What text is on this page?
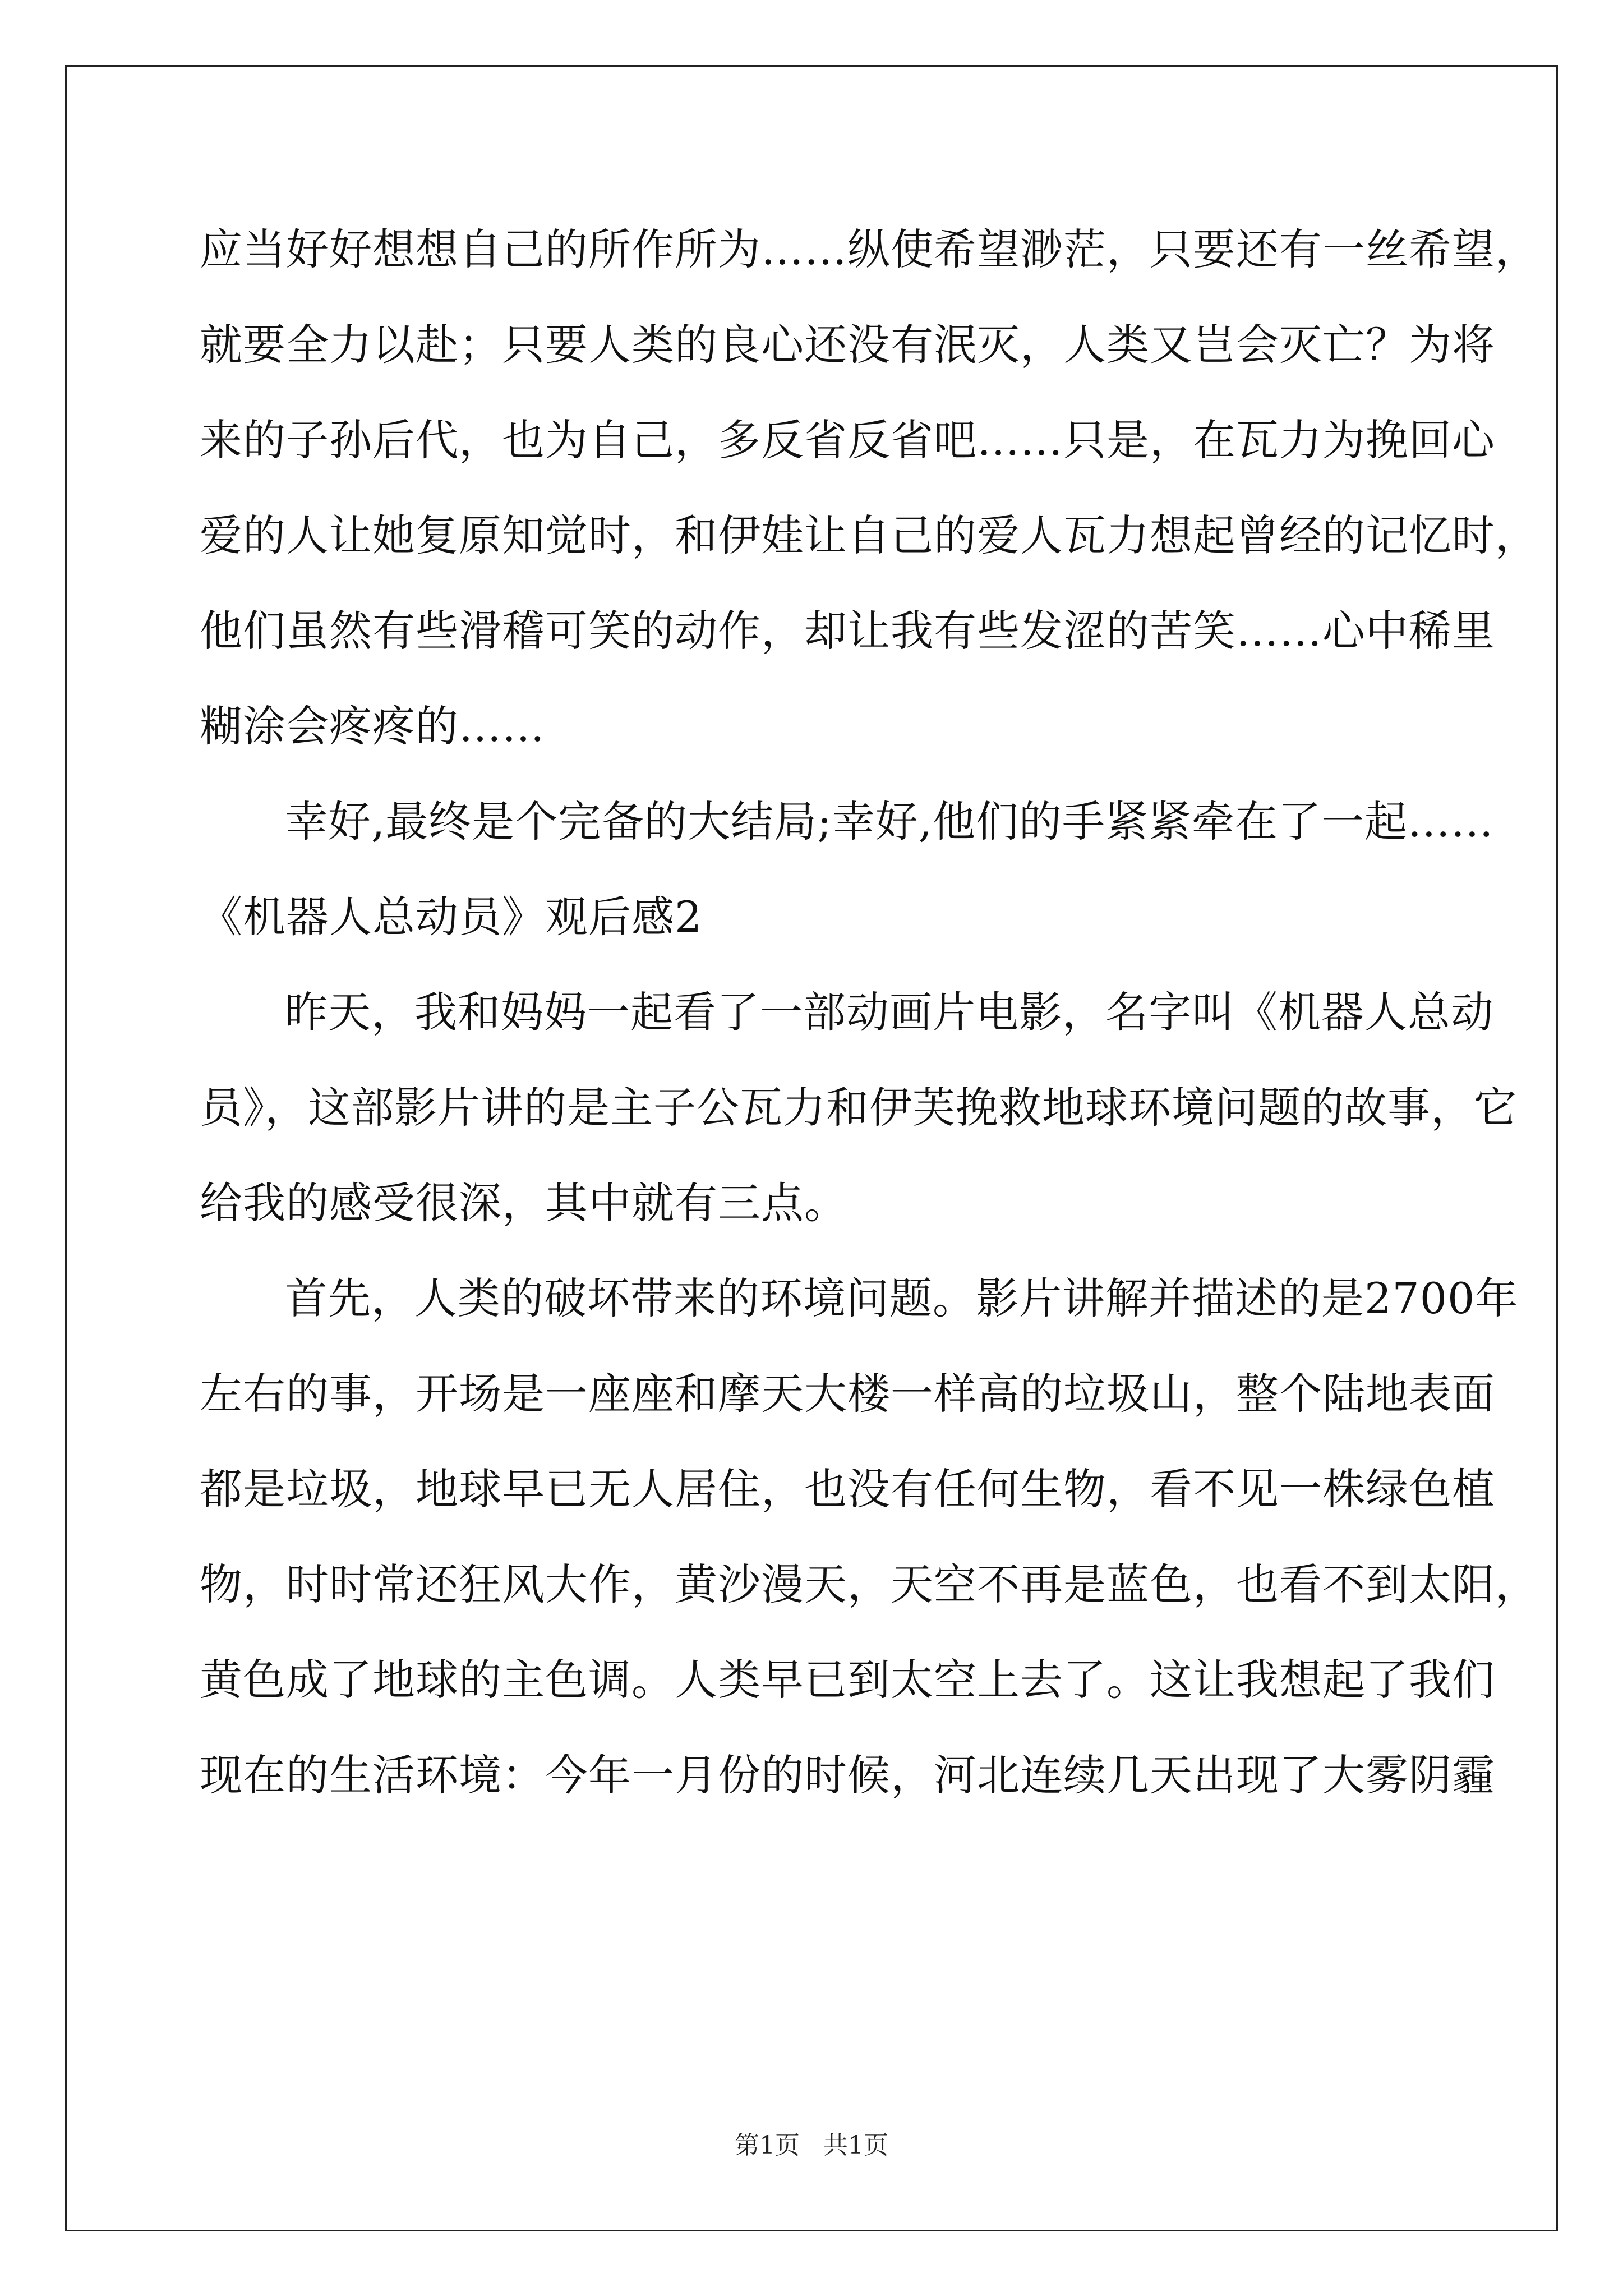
应当好好想想自己的所作所为……纵使希望渺茫，只要还有一丝希望，
就要全力以赴；只要人类的良心还没有泯灭，人类又岂会灭亡？为将
来的子孙后代，也为自己，多反省反省吧……只是，在瓦力为挽回心
爱的人让她复原知觉时，和伊娃让自己的爱人瓦力想起曾经的记忆时，
他们虽然有些滑稽可笑的动作，却让我有些发涩的苦笑……心中稀里
糊涂会疼疼的……
幸好,最终是个完备的大结局;幸好,他们的手紧紧牵在了一起……
《机器人总动员》观后感2
昨天，我和妈妈一起看了一部动画片电影，名字叫《机器人总动
员》，这部影片讲的是主子公瓦力和伊芙挽救地球环境问题的故事，它
给我的感受很深，其中就有三点。
首先，人类的破坏带来的环境问题。影片讲解并描述的是2700年
左右的事，开场是一座座和摩天大楼一样高的垃圾山，整个陆地表面
都是垃圾，地球早已无人居住，也没有任何生物，看不见一株绿色植
物，时时常还狂风大作，黄沙漫天，天空不再是蓝色，也看不到太阳，
黄色成了地球的主色调。人类早已到太空上去了。这让我想起了我们
现在的生活环境：今年一月份的时候，河北连续几天出现了大雾阴霾
第1页   共1页
